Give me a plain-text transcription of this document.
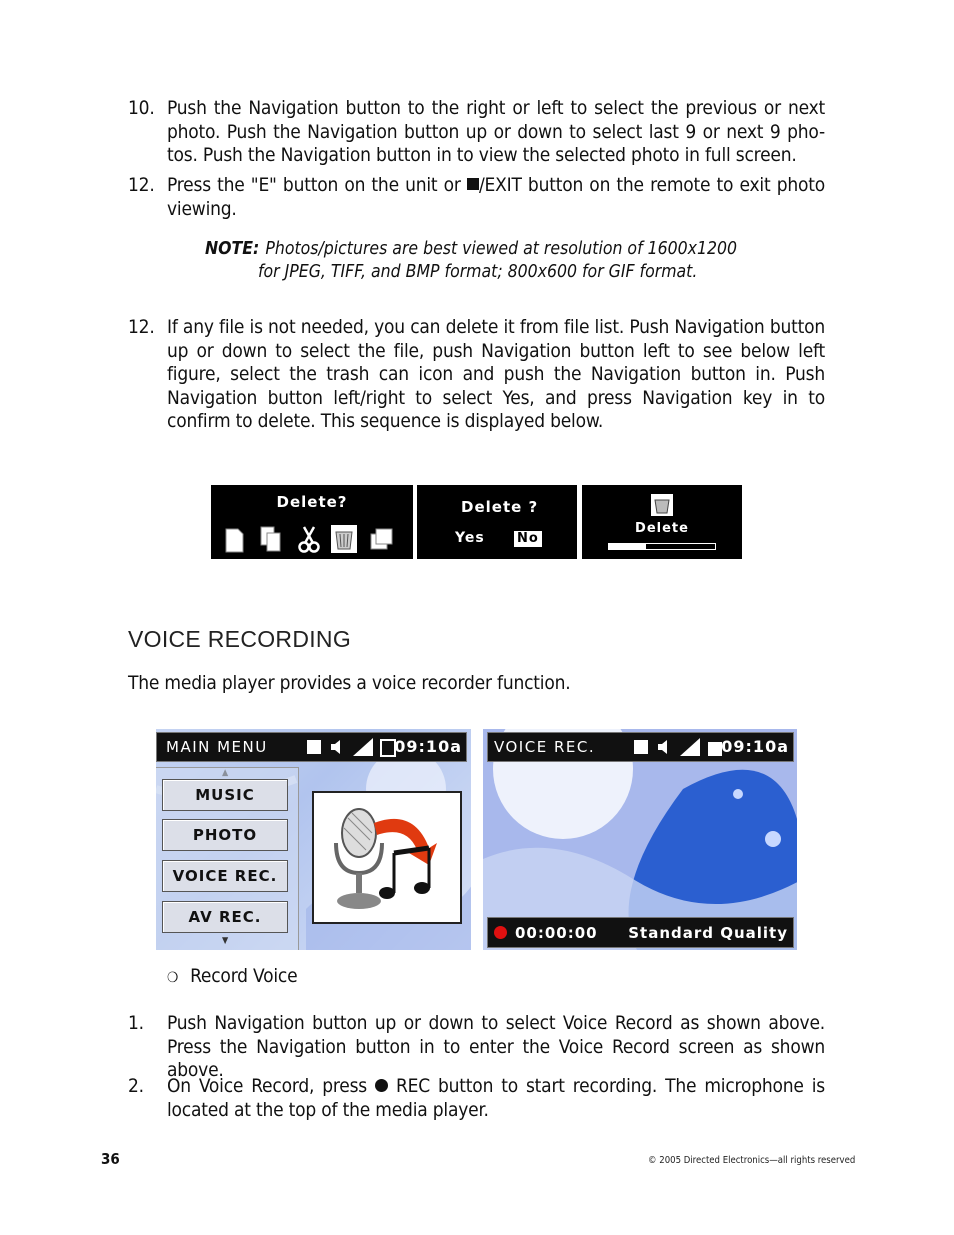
10. Push the Navigation button to the right or left to select the previous or next photo. Push the Navigation button up or down to select last 9 or next 9 pho-tos. Push the Navigation button in to view the selected photo in full screen.
12. Press the "E" button on the unit or /EXIT button on the remote to exit photo viewing.
NOTE: Photos/pictures are best viewed at resolution of 1600x1200
for JPEG, TIFF, and BMP format; 800x600 for GIF format.
12. If any file is not needed, you can delete it from file list. Push Navigation button up or down to select the file, push Navigation button left to see below left figure, select the trash can icon and push the Navigation button in. Push Navigation button left/right to select Yes, and press Navigation key in to confirm to delete. This sequence is displayed below.
Delete?	Delete ?
Yes No
Delete
VOICE RECORDING
The media player provides a voice recorder function.
MAIN MENU	09:10a
MUSIC
PHOTO
VOICE REC.
AV REC.
▼
VOICE REC.	09:10a
00:00:00 Standard Quality
❍ Record Voice
1.	Push Navigation button up or down to select Voice Record as shown above. Press the Navigation button in to enter the Voice Record screen as shown above.
2.	On Voice Record, press  REC button to start recording. The microphone is located at the top of the media player.
36	© 2005 Directed Electronics—all rights reserved
